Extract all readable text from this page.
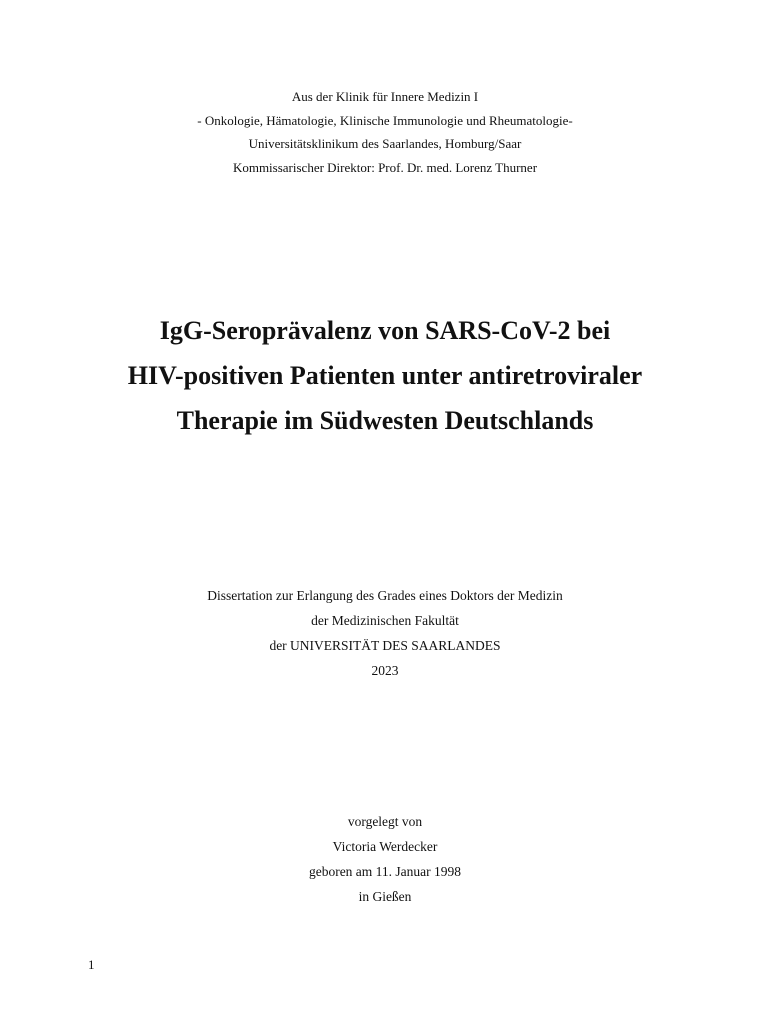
Aus der Klinik für Innere Medizin I
- Onkologie, Hämatologie, Klinische Immunologie und Rheumatologie-
Universitätsklinikum des Saarlandes, Homburg/Saar
Kommissarischer Direktor: Prof. Dr. med. Lorenz Thurner
IgG-Seroprävalenz von SARS-CoV-2 bei
HIV-positiven Patienten unter antiretroviraler
Therapie im Südwesten Deutschlands
Dissertation zur Erlangung des Grades eines Doktors der Medizin
der Medizinischen Fakultät
der UNIVERSITÄT DES SAARLANDES
2023
vorgelegt von
Victoria Werdecker
geboren am 11. Januar 1998
in Gießen
1
